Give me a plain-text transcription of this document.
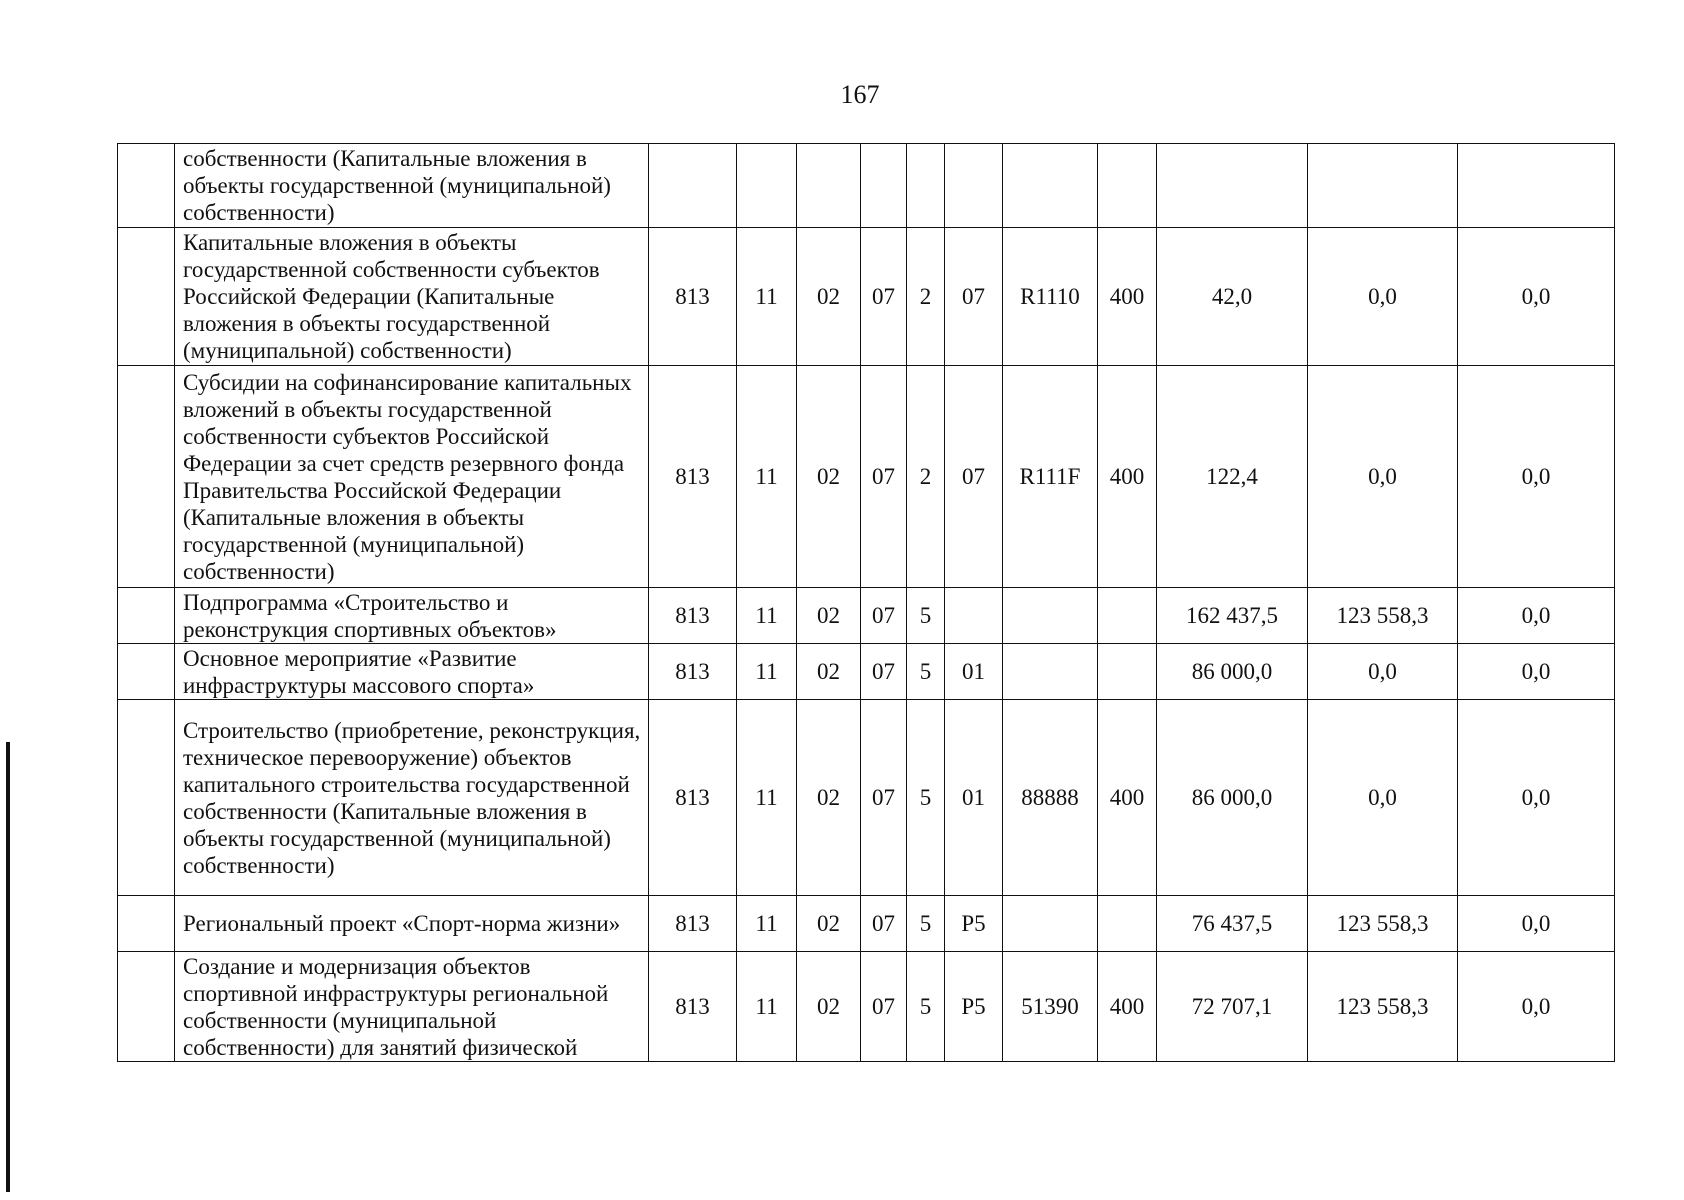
167
	собственности (Капитальные вложения в объекты государственной (муниципальной) собственности)											
	Капитальные вложения в объекты государственной собственности субъектов Российской Федерации (Капитальные вложения в объекты государственной (муниципальной) собственности)	813	11	02	07	2	07	R1110	400	42,0	0,0	0,0
	Субсидии на софинансирование капитальных вложений в объекты государственной собственности субъектов Российской Федерации за счет средств резервного фонда Правительства Российской Федерации (Капитальные вложения в объекты государственной (муниципальной) собственности)	813	11	02	07	2	07	R111F	400	122,4	0,0	0,0
	Подпрограмма «Строительство и реконструкция спортивных объектов»	813	11	02	07	5				162 437,5	123 558,3	0,0
	Основное мероприятие «Развитие инфраструктуры массового спорта»	813	11	02	07	5	01			86 000,0	0,0	0,0
	Строительство (приобретение, реконструкция, техническое перевооружение) объектов капитального строительства государственной собственности (Капитальные вложения в объекты государственной (муниципальной) собственности)	813	11	02	07	5	01	88888	400	86 000,0	0,0	0,0
	Региональный проект «Спорт-норма жизни»	813	11	02	07	5	P5			76 437,5	123 558,3	0,0
	Создание и модернизация объектов спортивной инфраструктуры региональной собственности (муниципальной собственности) для занятий физической	813	11	02	07	5	P5	51390	400	72 707,1	123 558,3	0,0
